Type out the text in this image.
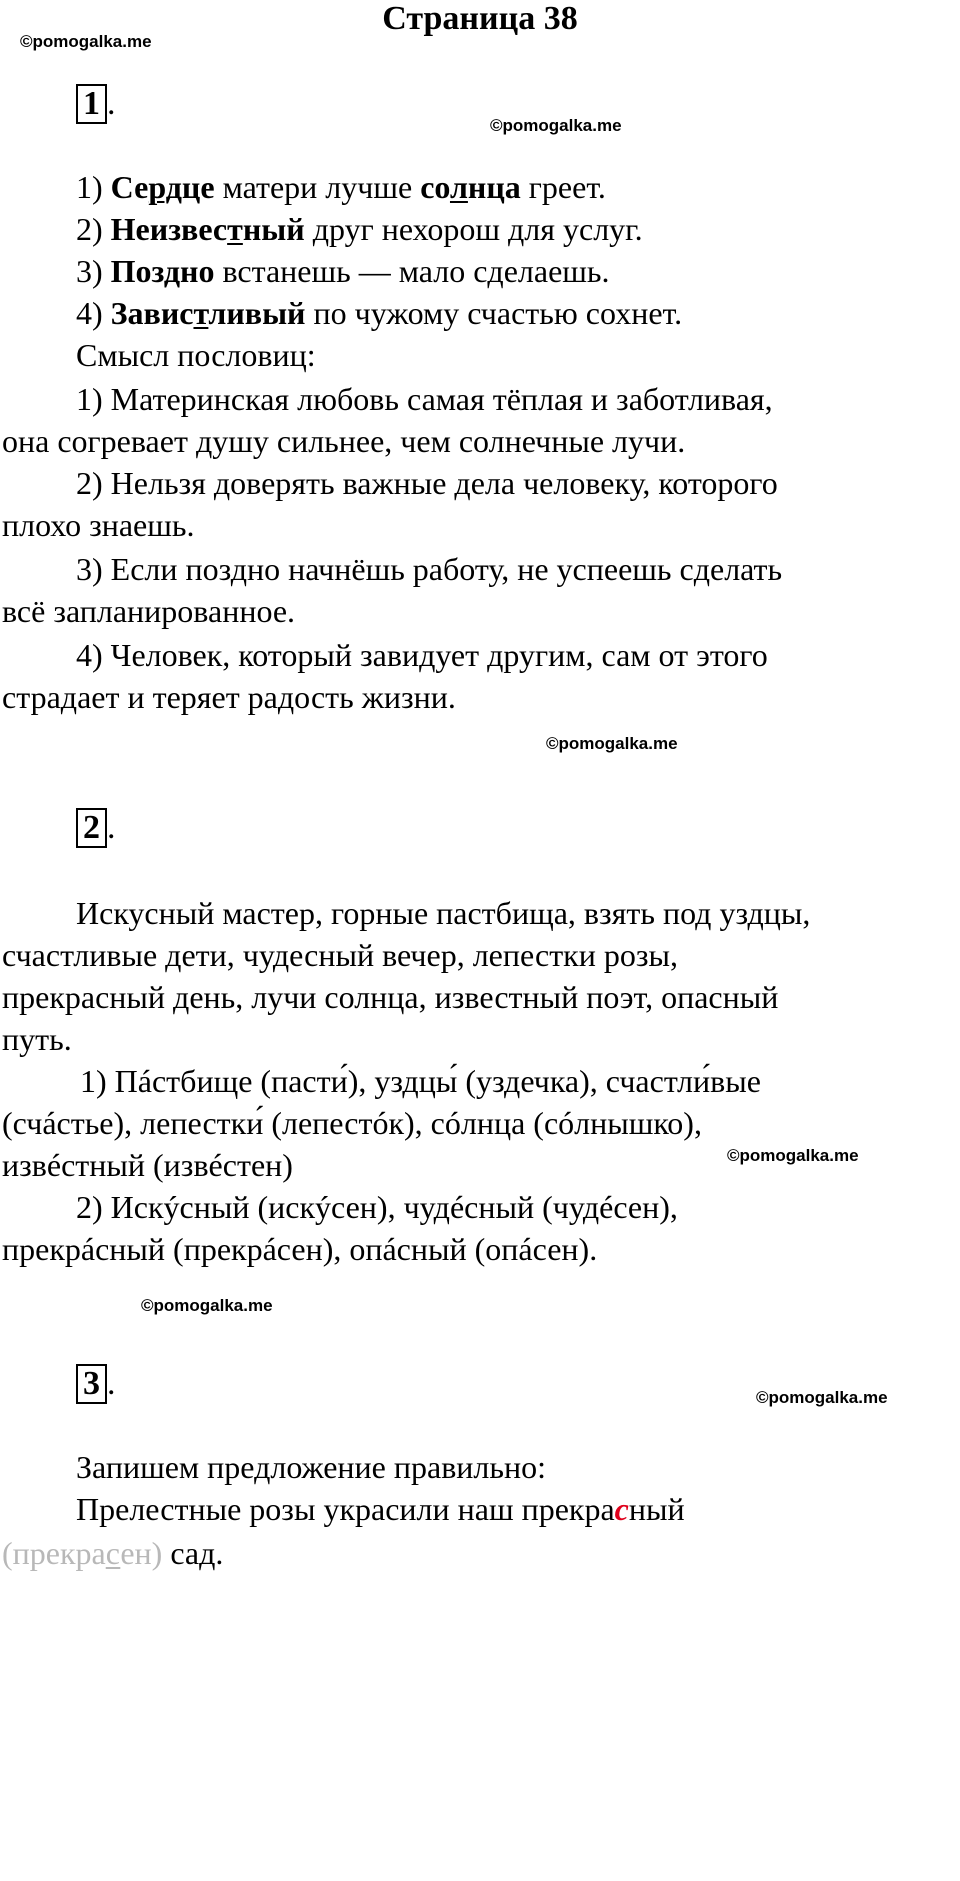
Страница 38
©pomogalka.me
©pomogalka.me
©pomogalka.me
©pomogalka.me
©pomogalka.me
©pomogalka.me
1 .
1) Сердце матери лучше солнца греет.
2) Неизвестный друг нехорош для услуг.
3) Поздно встанешь — мало сделаешь.
4) Завистливый по чужому счастью сохнет.
Смысл пословиц:
1) Материнская любовь самая тёплая и заботливая,
она согревает душу сильнее, чем солнечные лучи.
2) Нельзя доверять важные дела человеку, которого
плохо знаешь.
3) Если поздно начнёшь работу, не успеешь сделать
всё запланированное.
4) Человек, который завидует другим, сам от этого
страдает и теряет радость жизни.
2 .
Искусный мастер, горные пастбища, взять под уздцы,
счастливые дети, чудесный вечер, лепестки розы,
прекрасный день, лучи солнца, известный поэт, опасный
путь.
1) Пáстбище (пасти́), уздцы́ (уздечка), счастли́вые
(счáстье), лепестки́ (лепестóк), сóлнца (сóлнышко),
извéстный (извéстен)
2) Искýсный (искýсен), чудéсный (чудéсен),
прекрáсный (прекрáсен), опáсный (опáсен).
3 .
Запишем предложение правильно:
Прелестные розы украсили наш прекрасный
(прекрасен) сад.
